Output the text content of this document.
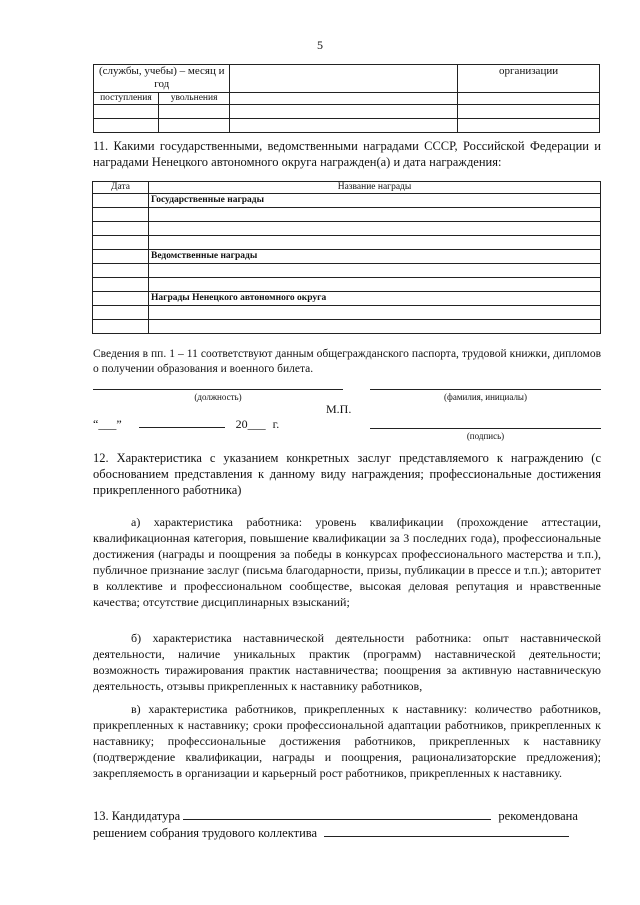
5
(службы, учебы) – месяц и год			организации
поступления	увольнения		

11. Какими государственными, ведомственными наградами СССР, Российской Федерации и наградами Ненецкого автономного округа награжден(а) и дата награждения:
Дата	Название награды
	Государственные награды

	Ведомственные награды

	Награды Ненецкого автономного округа

Сведения в пп. 1 – 11 соответствуют данным общегражданского паспорта, трудовой книжки, дипломов о получении образования и военного билета.
(должность)	(фамилия, инициалы)
М.П.
“___”	20___ г.
(подпись)
12. Характеристика с указанием конкретных заслуг представляемого к награждению (с обоснованием представления к данному виду награждения; профессиональные достижения прикрепленного работника)
а) характеристика работника: уровень квалификации (прохождение аттестации, квалификационная категория, повышение квалификации за 3 последних года), профессиональные достижения (награды и поощрения за победы в конкурсах профессионального мастерства и т.п.), публичное признание заслуг (письма благодарности, призы, публикации в прессе и т.п.); авторитет в коллективе и профессиональном сообществе, высокая деловая репутация и нравственные качества; отсутствие дисциплинарных взысканий;
б) характеристика наставнической деятельности работника: опыт наставнической деятельности, наличие уникальных практик (программ) наставнической деятельности; возможность тиражирования практик наставничества; поощрения за активную наставническую деятельность, отзывы прикрепленных к наставнику работников,
в) характеристика работников, прикрепленных к наставнику: количество работников, прикрепленных к наставнику; сроки профессиональной адаптации работников, прикрепленных к наставнику; профессиональные достижения работников, прикрепленных к наставнику (подтверждение квалификации, награды и поощрения, рационализаторские предложения); закрепляемость в организации и карьерный рост работников, прикрепленных к наставнику.
13. Кандидатура	рекомендована
решением собрания трудового коллектива
